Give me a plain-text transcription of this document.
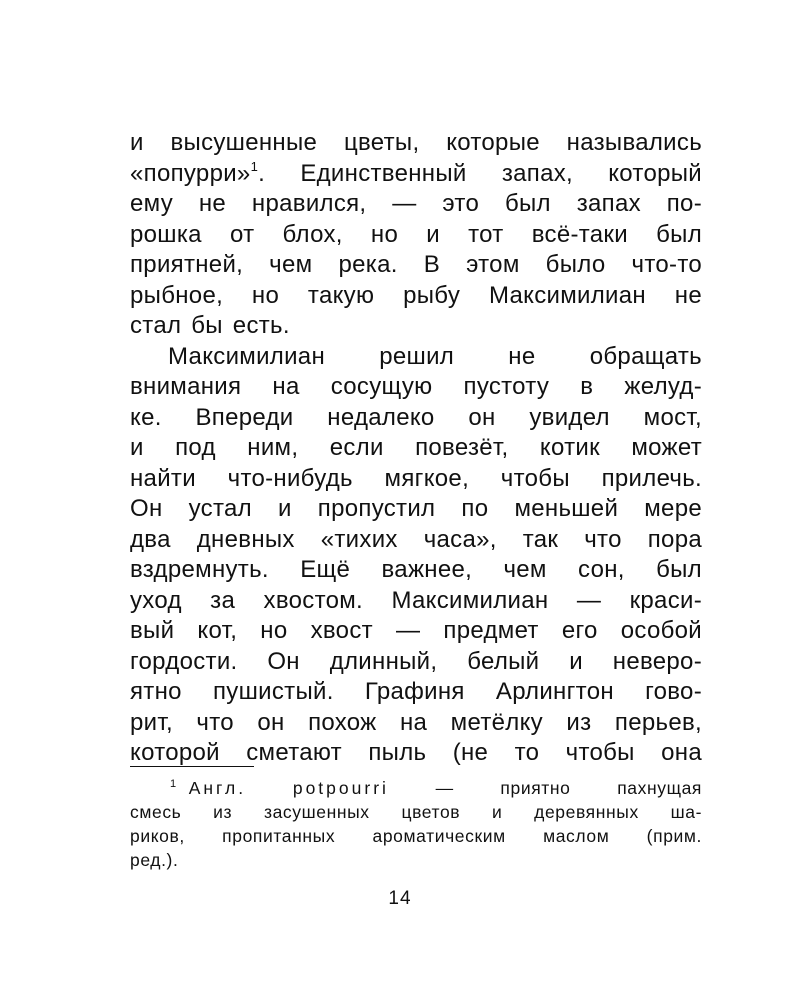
и высушенные цветы, которые назывались
«попурри»$^1$. Единственный запах, который
ему не нравился, — это был запах по-
рошка от блох, но и тот всё-таки был
приятней, чем река. В этом было что-то
рыбное, но такую рыбу Максимилиан не
стал бы есть.

Максимилиан решил не обращать
внимания на сосущую пустоту в желуд-
ке. Впереди недалеко он увидел мост,
и под ним, если повезёт, котик может
найти что-нибудь мягкое, чтобы прилечь.
Он устал и пропустил по меньшей мере
два дневных «тихих часа», так что пора
вздремнуть. Ещё важнее, чем сон, был
уход за хвостом. Максимилиан — краси-
вый кот, но хвост — предмет его особой
гордости. Он длинный, белый и неверо-
ятно пушистый. Графиня Арлингтон гово-
рит, что он похож на метёлку из перьев,
которой сметают пыль (не то чтобы она

$^1$ Англ.	potpourri	— приятно пахнущая
смесь из засушенных цветов и деревянных ша-
риков, пропитанных ароматическим маслом (прим.
ред.).
14
